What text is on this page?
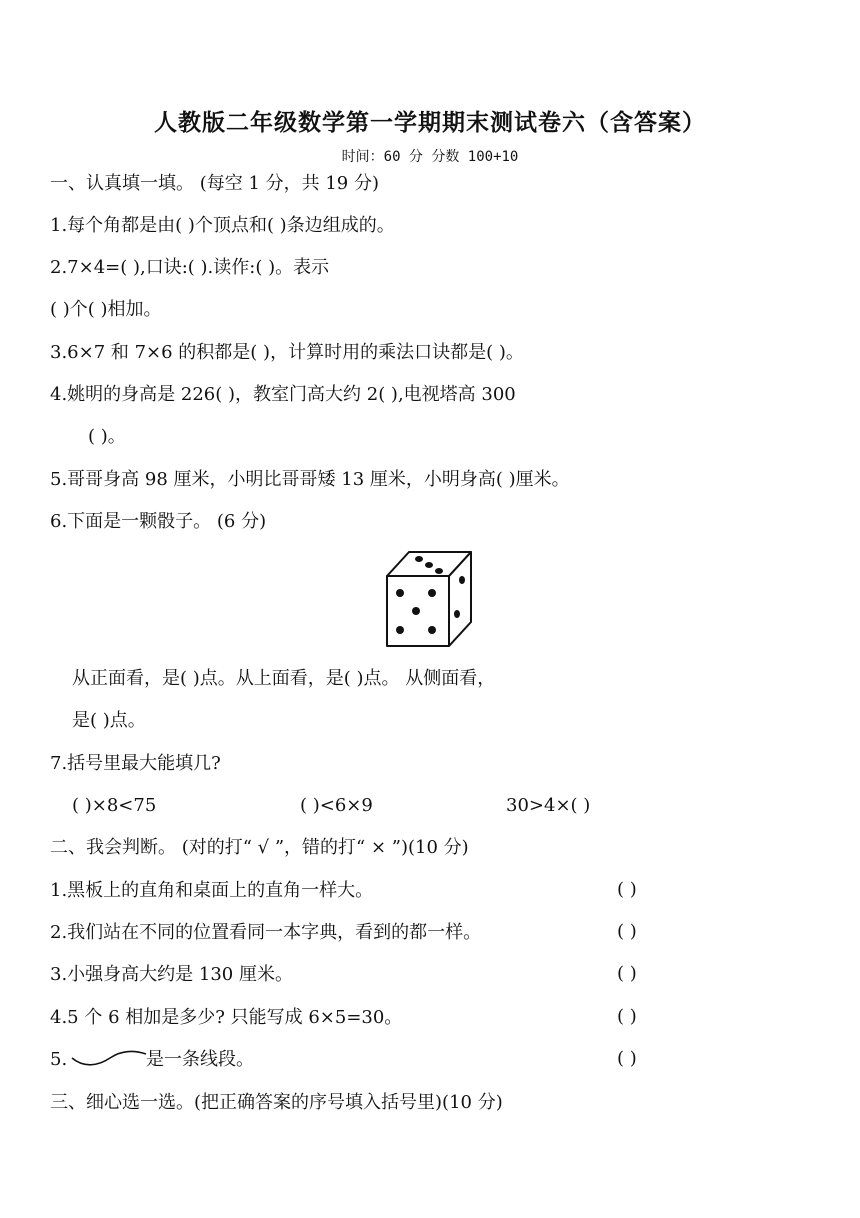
人教版二年级数学第一学期期末测试卷六（含答案）
时间：60 分 分数 100+10
一、认真填一填。 (每空 1 分，共 19 分)
1.每个角都是由( )个顶点和( )条边组成的。
2.7×4=( ),口诀:( ).读作:( )。表示
( )个( )相加。
3.6×7 和 7×6 的积都是( )，计算时用的乘法口诀都是( )。
4.姚明的身高是 226( )，教室门高大约 2( ),电视塔高 300
( )。
5.哥哥身高 98 厘米，小明比哥哥矮 13 厘米，小明身高( )厘米。
6.下面是一颗骰子。 (6 分)
从正面看，是( )点。从上面看，是( )点。 从侧面看，
是( )点。
7.括号里最大能填几?
( )×8<75	( )<6×9	30>4×( )
二、我会判断。 (对的打“ √ ”，错的打“ × ”)(10 分)
1.黑板上的直角和桌面上的直角一样大。	( )
2.我们站在不同的位置看同一本字典，看到的都一样。	( )
3.小强身高大约是 130 厘米。	( )
4.5 个 6 相加是多少? 只能写成 6×5=30。	( )
5.	是一条线段。	( )
三、细心选一选。(把正确答案的序号填入括号里)(10 分)
